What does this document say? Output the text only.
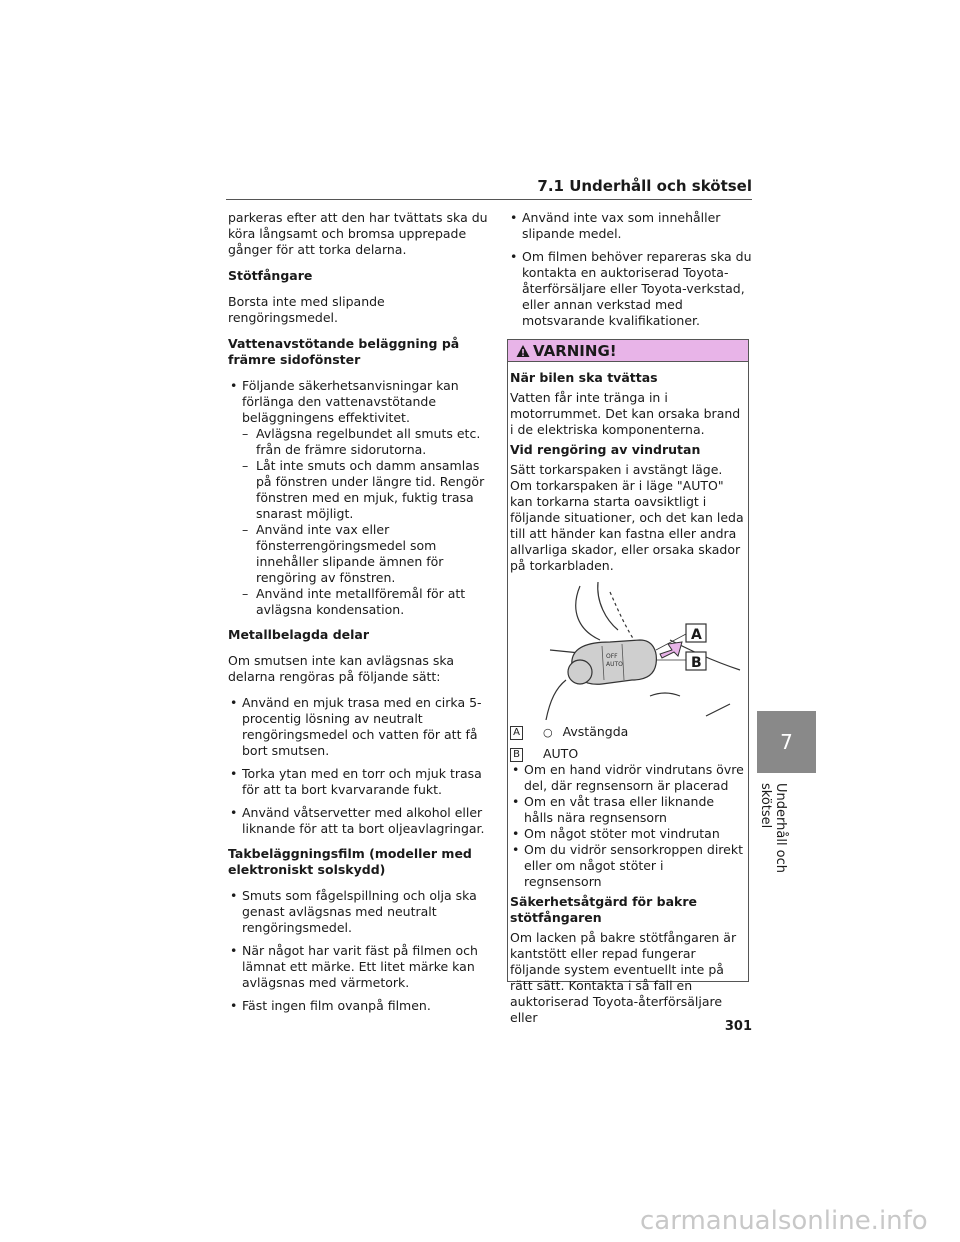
7.1 Underhåll och skötsel

parkeras efter att den har tvättats ska du köra långsamt och bromsa upprepade gånger för att torka delarna.

Stötfångare

Borsta inte med slipande rengöringsmedel.

Vattenavstötande beläggning på främre sidofönster

• Följande säkerhetsanvisningar kan förlänga den vattenavstötande beläggningens effektivitet.
– Avlägsna regelbundet all smuts etc. från de främre sidorutorna.
– Låt inte smuts och damm ansamlas på fönstren under längre tid. Rengör fönstren med en mjuk, fuktig trasa snarast möjligt.
– Använd inte vax eller fönsterrengöringsmedel som innehåller slipande ämnen för rengöring av fönstren.
– Använd inte metallföremål för att avlägsna kondensation.

Metallbelagda delar

Om smutsen inte kan avlägsnas ska delarna rengöras på följande sätt:

• Använd en mjuk trasa med en cirka 5-procentig lösning av neutralt rengöringsmedel och vatten för att få bort smutsen.
• Torka ytan med en torr och mjuk trasa för att ta bort kvarvarande fukt.
• Använd våtservetter med alkohol eller liknande för att ta bort oljeavlagringar.

Takbeläggningsfilm (modeller med elektroniskt solskydd)

• Smuts som fågelspillning och olja ska genast avlägsnas med neutralt rengöringsmedel.
• När något har varit fäst på filmen och lämnat ett märke. Ett litet märke kan avlägsnas med värmetork.
• Fäst ingen film ovanpå filmen.
• Använd inte vax som innehåller slipande medel.
• Om filmen behöver repareras ska du kontakta en auktoriserad Toyota-återförsäljare eller Toyota-verkstad, eller annan verkstad med motsvarande kvalifikationer.
VARNING!

När bilen ska tvättas

Vatten får inte tränga in i motorrummet. Det kan orsaka brand i de elektriska komponenterna.

Vid rengöring av vindrutan

Sätt torkarspaken i avstängt läge. Om torkarspaken är i läge "AUTO" kan torkarna starta oavsiktligt i följande situationer, och det kan leda till att händer kan fastna eller andra allvarliga skador, eller orsaka skador på torkarbladen.

OFF
AUTO
A
B
A ○ Avstängda
B AUTO
• Om en hand vidrör vindrutans övre del, där regnsensorn är placerad
• Om en våt trasa eller liknande hålls nära regnsensorn
• Om något stöter mot vindrutan
• Om du vidrör sensorkroppen direkt eller om något stöter i regnsensorn

Säkerhetsåtgärd för bakre stötfångaren

Om lacken på bakre stötfångaren är kantstött eller repad fungerar följande system eventuellt inte på rätt sätt. Kontakta i så fall en auktoriserad Toyota-återförsäljare eller

7
Underhåll och skötsel
301
carmanualsonline.info
